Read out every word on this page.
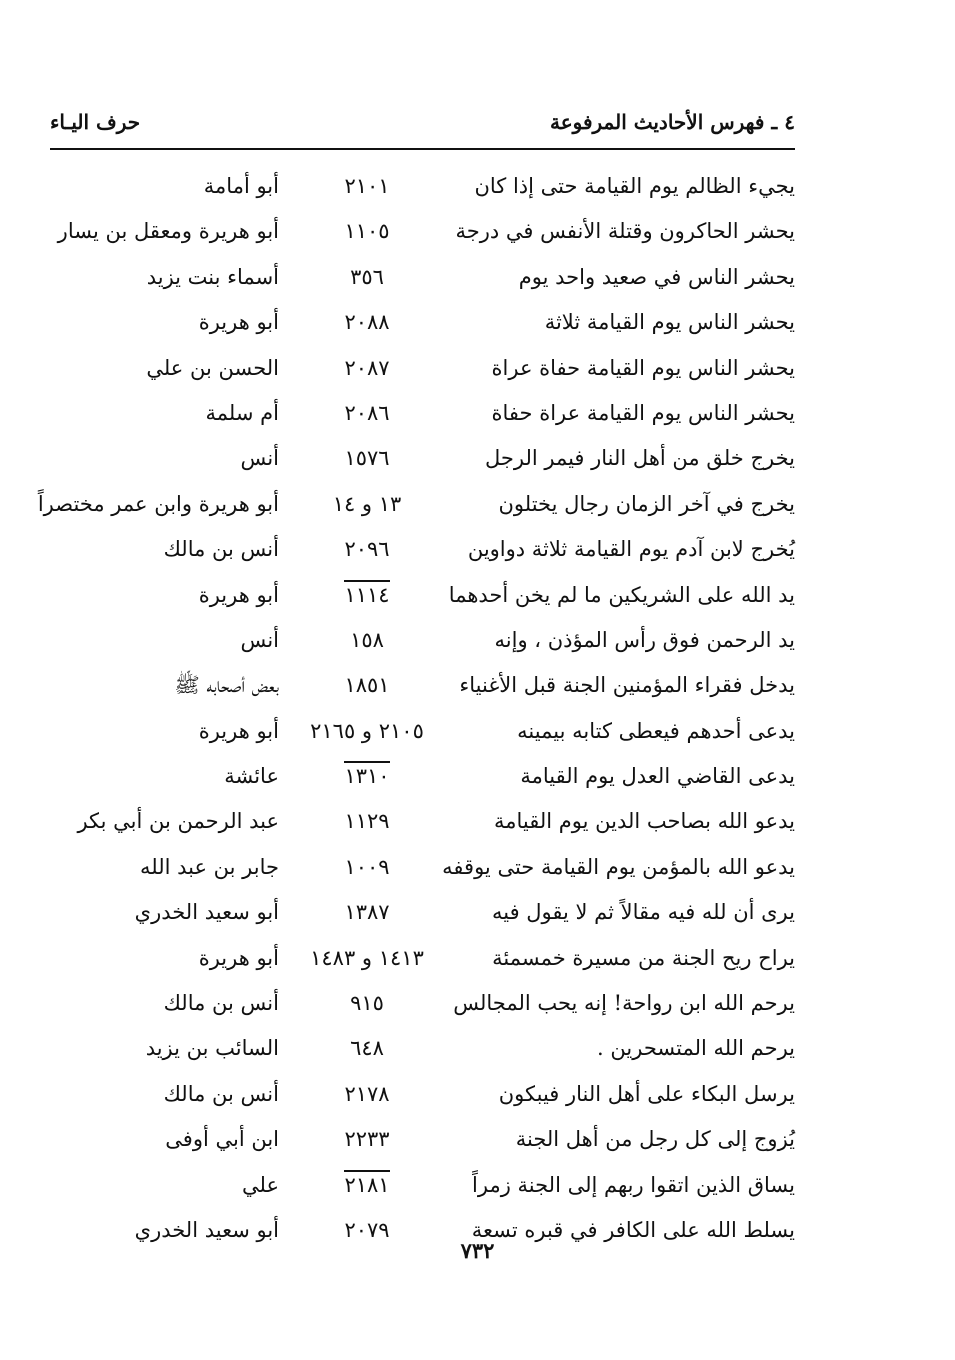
٤ ـ فهرس الأحاديث المرفوعة
حرف اليـاء
يجيء الظالم يوم القيامة حتى إذا كان
٢١٠١
أبو أمامة
يحشر الحاكرون وقتلة الأنفس في درجة
١١٠٥
أبو هريرة ومعقل بن يسار
يحشر الناس في صعيد واحد يوم
٣٥٦
أسماء بنت يزيد
يحشر الناس يوم القيامة ثلاثة
٢٠٨٨
أبو هريرة
يحشر الناس يوم القيامة حفاة عراة
٢٠٨٧
الحسن بن علي
يحشر الناس يوم القيامة عراة حفاة
٢٠٨٦
أم سلمة
يخرج خلق من أهل النار فيمر الرجل
١٥٧٦
أنس
يخرج في آخر الزمان رجال يختلون
١٣ و ١٤
أبو هريرة وابن عمر مختصراً
يُخرج لابن آدم يوم القيامة ثلاثة دواوين
٢٠٩٦
أنس بن مالك
يد الله على الشريكين ما لم يخن أحدهما
١١١٤
أبو هريرة
يد الرحمن فوق رأس المؤذن ، وإنه
١٥٨
أنس
يدخل فقراء المؤمنين الجنة قبل الأغنياء
١٨٥١
بعض أصحابه ﷺ
يدعى أحدهم فيعطى كتابه بيمينه
٢١٠٥ و ٢١٦٥
أبو هريرة
يدعى القاضي العدل يوم القيامة
١٣١٠
عائشة
يدعو الله بصاحب الدين يوم القيامة
١١٢٩
عبد الرحمن بن أبي بكر
يدعو الله بالمؤمن يوم القيامة حتى يوقفه
١٠٠٩
جابر بن عبد الله
يرى أن لله فيه مقالاً ثم لا يقول فيه
١٣٨٧
أبو سعيد الخدري
يراح ريح الجنة من مسيرة خمسمئة
١٤١٣ و ١٤٨٣
أبو هريرة
يرحم الله ابن رواحة! إنه يحب المجالس
٩١٥
أنس بن مالك
يرحم الله المتسحرين .
٦٤٨
السائب بن يزيد
يرسل البكاء على أهل النار فيبكون
٢١٧٨
أنس بن مالك
يُزوج إلى كل رجل من أهل الجنة
٢٢٣٣
ابن أبي أوفى
يساق الذين اتقوا ربهم إلى الجنة زمراً
٢١٨١
علي
يسلط الله على الكافر في قبره تسعة
٢٠٧٩
أبو سعيد الخدري
٧٣٢
